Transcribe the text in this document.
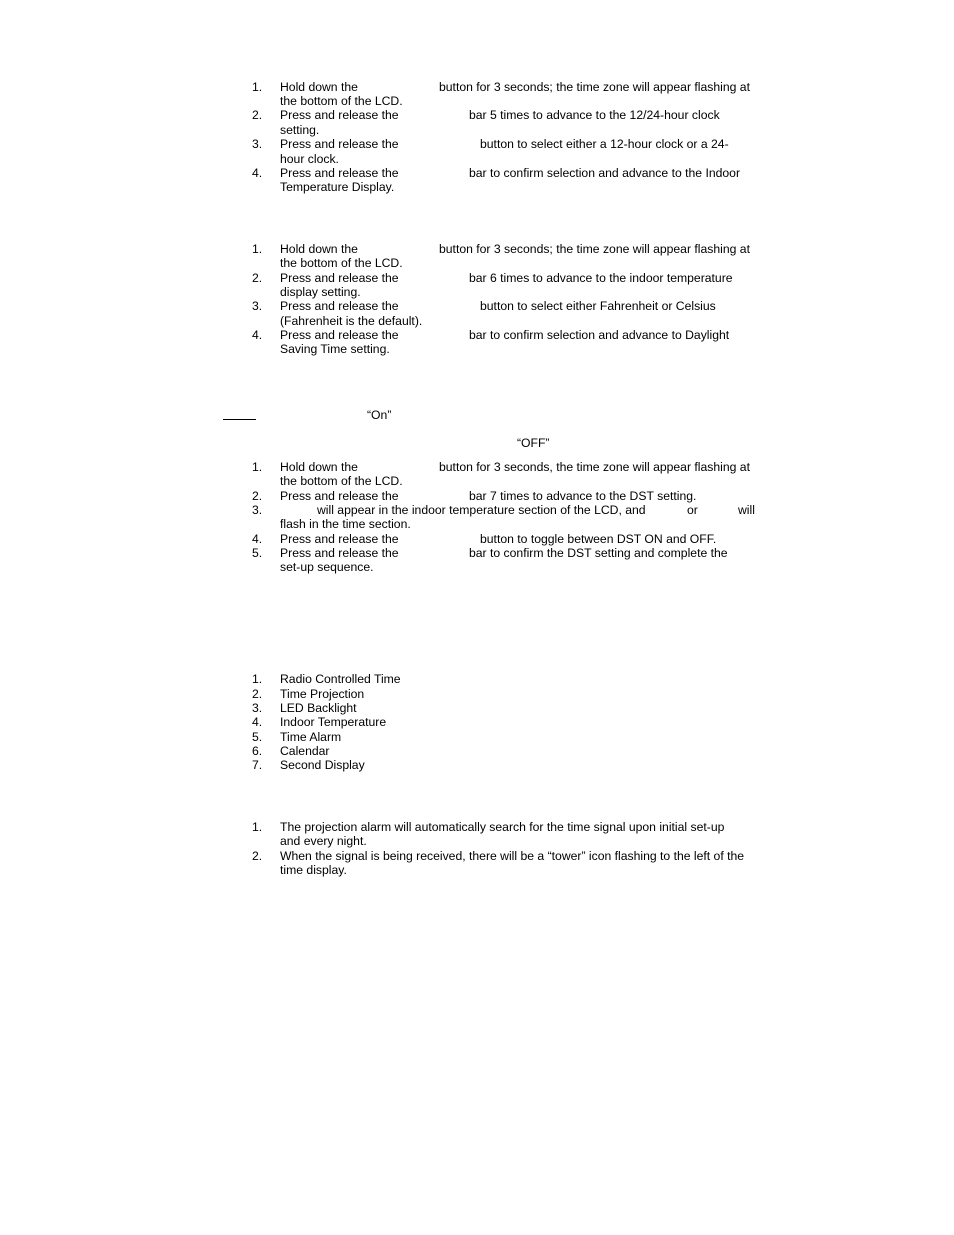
1. Hold down the	button for 3 seconds; the time zone will appear flashing at
the bottom of the LCD.
2. Press and release the	bar 5 times to advance to the 12/24-hour clock
setting.
3. Press and release the	button to select either a 12-hour clock or a 24-
hour clock.
4. Press and release the	bar to confirm selection and advance to the Indoor
Temperature Display.
1. Hold down the	button for 3 seconds; the time zone will appear flashing at
the bottom of the LCD.
2. Press and release the	bar 6 times to advance to the indoor temperature
display setting.
3. Press and release the	button to select either Fahrenheit or Celsius
(Fahrenheit is the default).
4. Press and release the	bar to confirm selection and advance to Daylight
Saving Time setting.
“On”
“OFF”
1. Hold down the	button for 3 seconds, the time zone will appear flashing at
the bottom of the LCD.
2. Press and release the	bar 7 times to advance to the DST setting.
3.	will appear in the indoor temperature section of the LCD, and	or	will
flash in the time section.
4. Press and release the	button to toggle between DST ON and OFF.
5. Press and release the	bar to confirm the DST setting and complete the
set-up sequence.
1. Radio Controlled Time
2. Time Projection
3. LED Backlight
4. Indoor Temperature
5. Time Alarm
6. Calendar
7. Second Display
1. The projection alarm will automatically search for the time signal upon initial set-up
and every night.
2. When the signal is being received, there will be a “tower” icon flashing to the left of the
time display.
